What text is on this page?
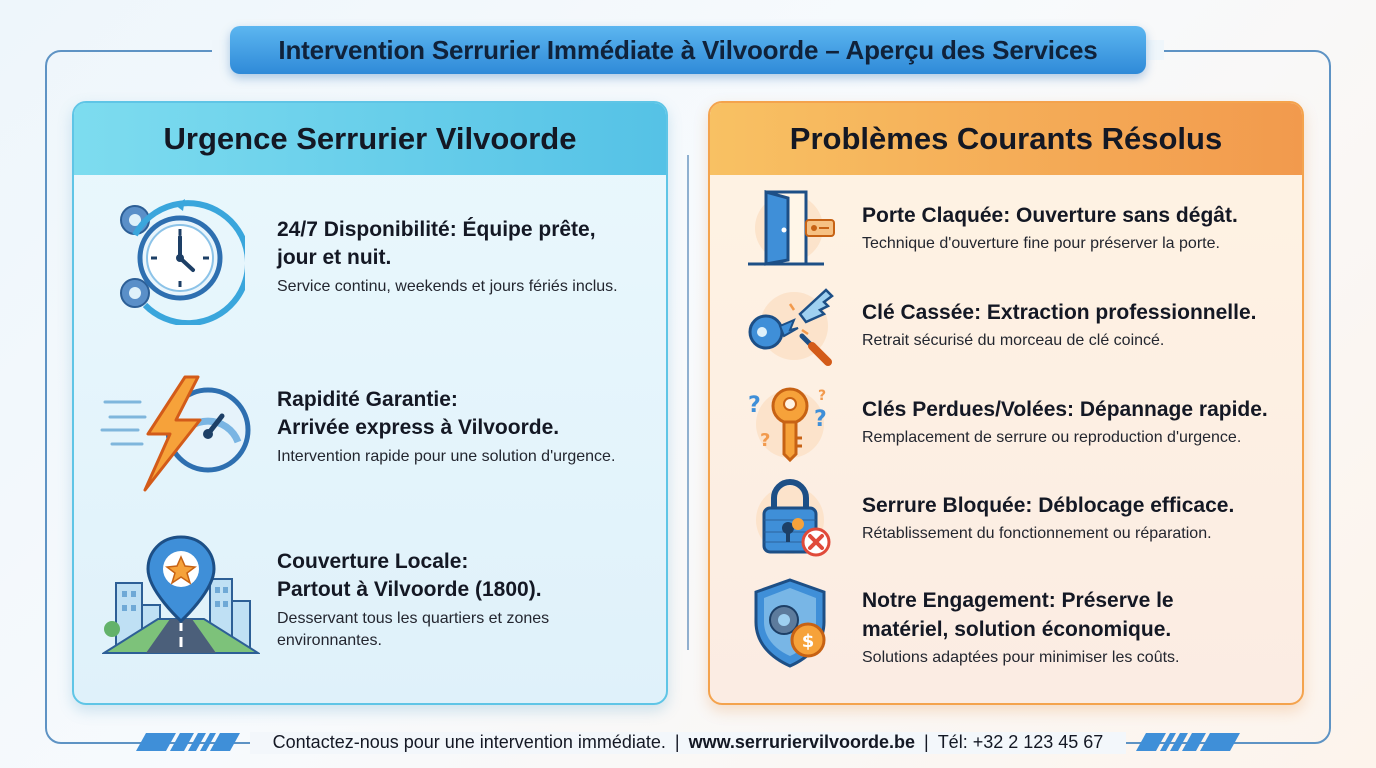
Intervention Serrurier Immédiate à Vilvoorde – Aperçu des Services
Urgence Serrurier Vilvoorde
24/7 Disponibilité: Équipe prête,
jour et nuit.
Service continu, weekends et jours fériés inclus.
Rapidité Garantie:
Arrivée express à Vilvoorde.
Intervention rapide pour une solution d'urgence.
Couverture Locale:
Partout à Vilvoorde (1800).
Desservant tous les quartiers et zones
environnantes.
Problèmes Courants Résolus
Porte Claquée: Ouverture sans dégât.
Technique d'ouverture fine pour préserver la porte.
Clé Cassée: Extraction professionnelle.
Retrait sécurisé du morceau de clé coincé.
?
?
?
?
Clés Perdues/Volées: Dépannage rapide.
Remplacement de serrure ou reproduction d'urgence.
Serrure Bloquée: Déblocage efficace.
Rétablissement du fonctionnement ou réparation.
$
Notre Engagement: Préserve le
matériel, solution économique.
Solutions adaptées pour minimiser les coûts.
Contactez-nous pour une intervention immédiate. | www.serruriervilvoorde.be | Tél: +32 2 123 45 67
